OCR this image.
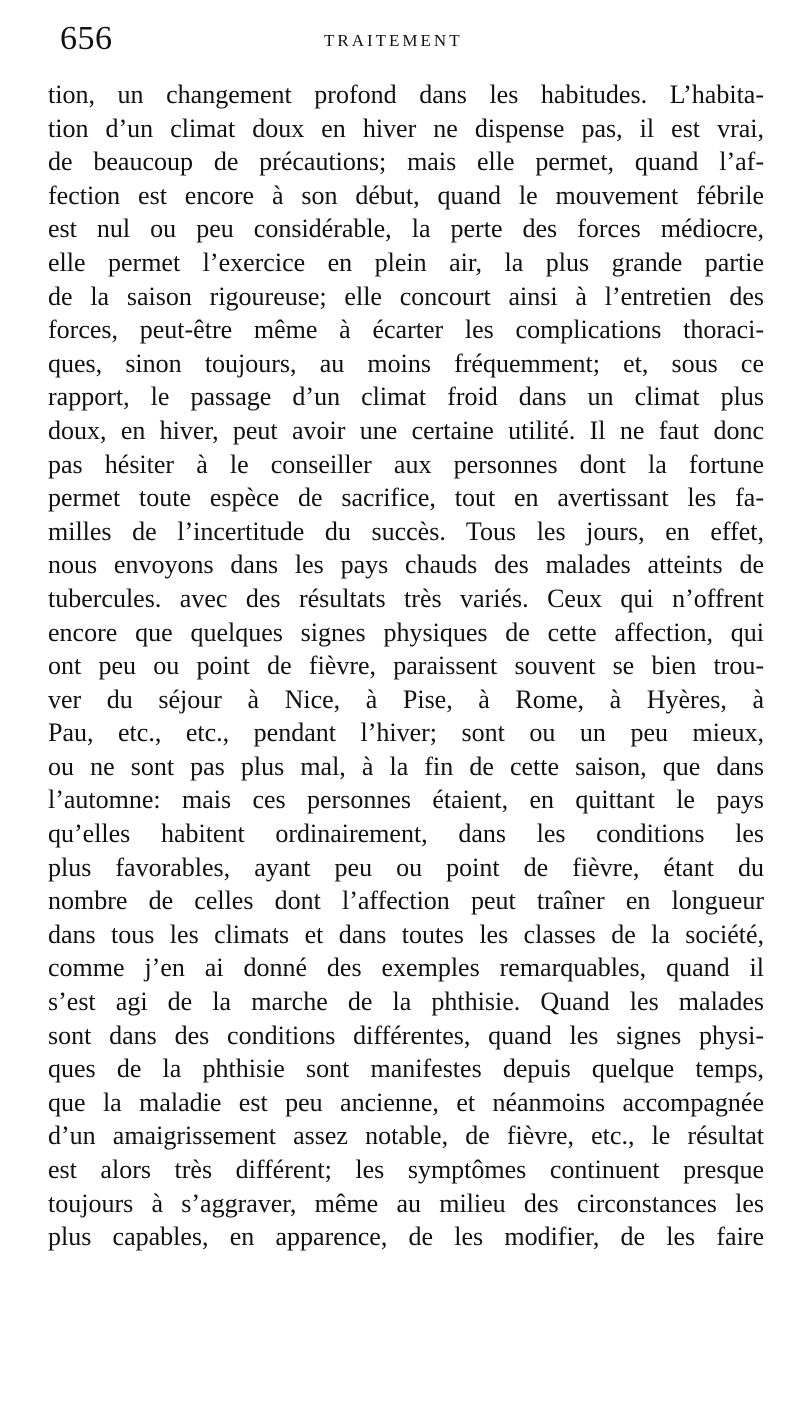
656	TRAITEMENT
tion, un changement profond dans les habitudes. L’habita-
tion d’un climat doux en hiver ne dispense pas, il est vrai,
de beaucoup de précautions; mais elle permet, quand l’af-
fection est encore à son début, quand le mouvement fébrile
est nul ou peu considérable, la perte des forces médiocre,
elle permet l’exercice en plein air, la plus grande partie
de la saison rigoureuse; elle concourt ainsi à l’entretien des
forces, peut-être même à écarter les complications thoraci-
ques, sinon toujours, au moins fréquemment; et, sous ce
rapport, le passage d’un climat froid dans un climat plus
doux, en hiver, peut avoir une certaine utilité. Il ne faut donc
pas hésiter à le conseiller aux personnes dont la fortune
permet toute espèce de sacrifice, tout en avertissant les fa-
milles de l’incertitude du succès. Tous les jours, en effet,
nous envoyons dans les pays chauds des malades atteints de
tubercules. avec des résultats très variés. Ceux qui n’offrent
encore que quelques signes physiques de cette affection, qui
ont peu ou point de fièvre, paraissent souvent se bien trou-
ver du séjour à Nice, à Pise, à Rome, à Hyères, à
Pau, etc., etc., pendant l’hiver; sont ou un peu mieux,
ou ne sont pas plus mal, à la fin de cette saison, que dans
l’automne: mais ces personnes étaient, en quittant le pays
qu’elles habitent ordinairement, dans les conditions les
plus favorables, ayant peu ou point de fièvre, étant du
nombre de celles dont l’affection peut traîner en longueur
dans tous les climats et dans toutes les classes de la société,
comme j’en ai donné des exemples remarquables, quand il
s’est agi de la marche de la phthisie. Quand les malades
sont dans des conditions différentes, quand les signes physi-
ques de la phthisie sont manifestes depuis quelque temps,
que la maladie est peu ancienne, et néanmoins accompagnée
d’un amaigrissement assez notable, de fièvre, etc., le résultat
est alors très différent; les symptômes continuent presque
toujours à s’aggraver, même au milieu des circonstances les
plus capables, en apparence, de les modifier, de les faire
